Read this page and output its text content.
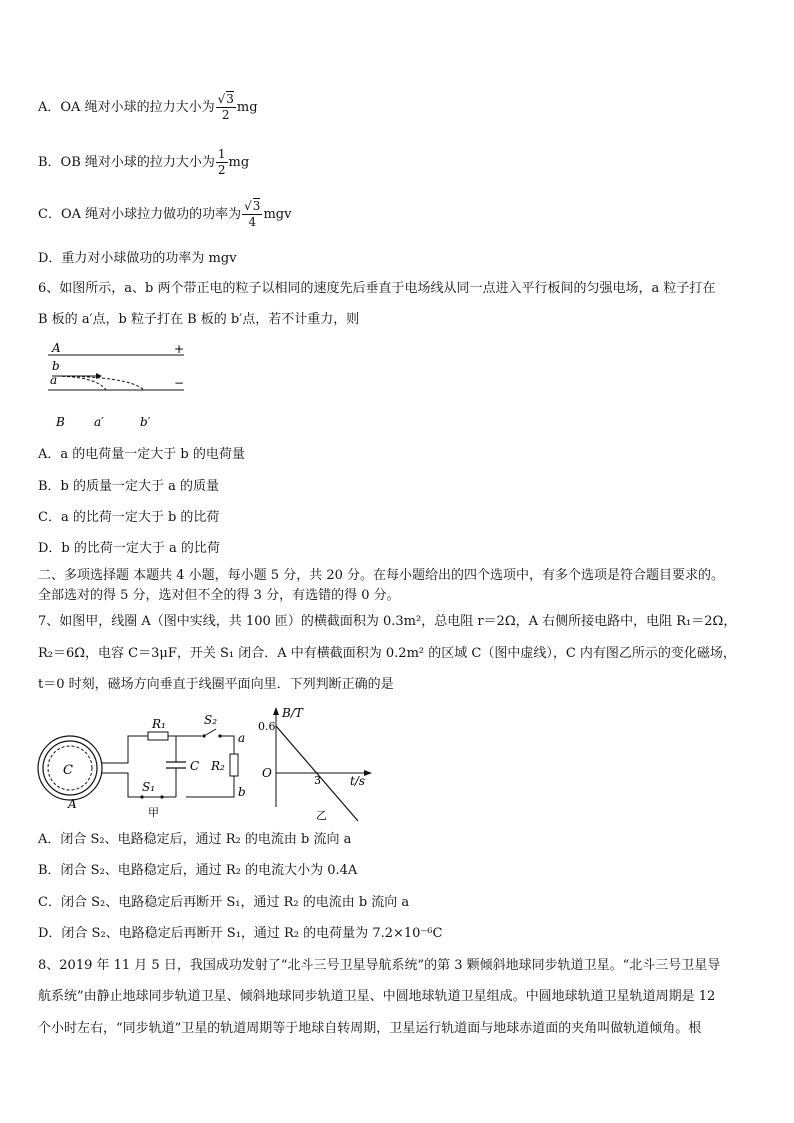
A．OA 绳对小球的拉力大小为 $\frac{√3}{2}$ mg
B．OB 绳对小球的拉力大小为 $\frac{1}{2}$ mg
C．OA 绳对小球拉力做功的功率为 $\frac{√3}{4}$ mgv
D．重力对小球做功的功率为 mgv
6、如图所示，a、b 两个带正电的粒子以相同的速度先后垂直于电场线从同一点进入平行板间的匀强电场，a 粒子打在
B 板的 a′点，b 粒子打在 B 板的 b′点，若不计重力，则
A	+
−
b
a
B a′	b′
A．a 的电荷量一定大于 b 的电荷量
B．b 的质量一定大于 a 的质量
C．a 的比荷一定大于 b 的比荷
D．b 的比荷一定大于 a 的比荷
二、多项选择题 本题共 4 小题，每小题 5 分，共 20 分。在每小题给出的四个选项中，有多个选项是符合题目要求的。
全部选对的得 5 分，选对但不全的得 3 分，有选错的得 0 分。
7、如图甲，线圈 A（图中实线，共 100 匝）的横截面积为 0.3m²，总电阻 r＝2Ω，A 右侧所接电路中，电阻 R₁＝2Ω，
R₂＝6Ω，电容 C＝3μF，开关 S₁ 闭合．A 中有横截面积为 0.2m² 的区域 C（图中虚线），C 内有图乙所示的变化磁场，
t＝0 时刻，磁场方向垂直于线圈平面向里．下列判断正确的是
C
A
R₁	S₂
a
R₂
b
C
S₁
甲
B/T
0.6
O
3 t/s
乙
A．闭合 S₂、电路稳定后，通过 R₂ 的电流由 b 流向 a
B．闭合 S₂、电路稳定后，通过 R₂ 的电流大小为 0.4A
C．闭合 S₂、电路稳定后再断开 S₁，通过 R₂ 的电流由 b 流向 a
D．闭合 S₂、电路稳定后再断开 S₁，通过 R₂ 的电荷量为 7.2×10⁻⁶C
8、2019 年 11 月 5 日，我国成功发射了“北斗三号卫星导航系统”的第 3 颗倾斜地球同步轨道卫星。“北斗三号卫星导
航系统”由静止地球同步轨道卫星、倾斜地球同步轨道卫星、中圆地球轨道卫星组成。中圆地球轨道卫星轨道周期是 12
个小时左右，“同步轨道”卫星的轨道周期等于地球自转周期，卫星运行轨道面与地球赤道面的夹角叫做轨道倾角。根
